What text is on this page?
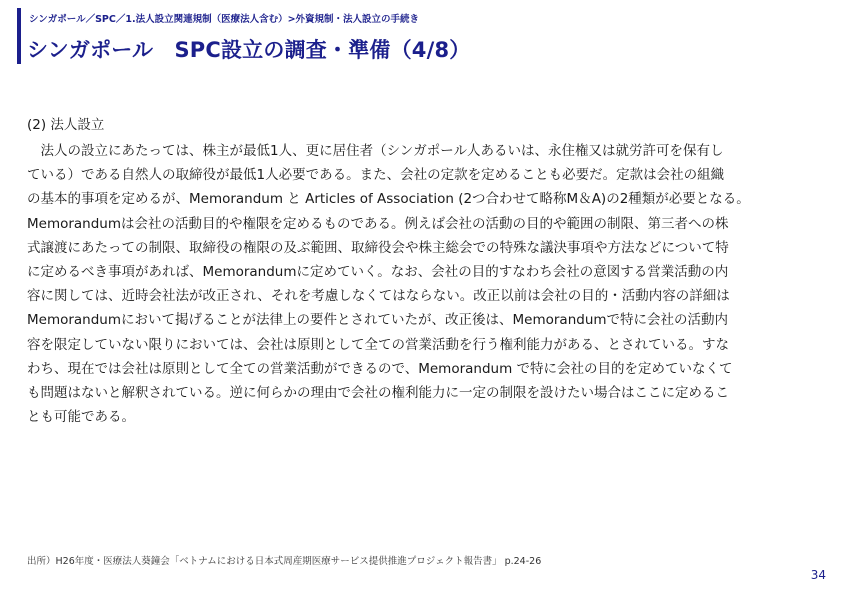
シンガポール／SPC／1.法人設立関連規制（医療法人含む）>外資規制・法人設立の手続き
シンガポール　SPC設立の調査・準備（4/8）
(2) 法人設立
　法人の設立にあたっては、株主が最低1人、更に居住者（シンガポール人あるいは、永住権又は就労許可を保有し
ている）である自然人の取締役が最低1人必要である。また、会社の定款を定めることも必要だ。定款は会社の組織
の基本的事項を定めるが、Memorandum と Articles of Association (2つ合わせて略称M＆A)の2種類が必要となる。
Memorandumは会社の活動目的や権限を定めるものである。例えば会社の活動の目的や範囲の制限、第三者への株
式譲渡にあたっての制限、取締役の権限の及ぶ範囲、取締役会や株主総会での特殊な議決事項や方法などについて特
に定めるべき事項があれば、Memorandumに定めていく。なお、会社の目的すなわち会社の意図する営業活動の内
容に関しては、近時会社法が改正され、それを考慮しなくてはならない。改正以前は会社の目的・活動内容の詳細は
Memorandumにおいて掲げることが法律上の要件とされていたが、改正後は、Memorandumで特に会社の活動内
容を限定していない限りにおいては、会社は原則として全ての営業活動を行う権利能力がある、とされている。すな
わち、現在では会社は原則として全ての営業活動ができるので、Memorandum で特に会社の目的を定めていなくて
も問題はないと解釈されている。逆に何らかの理由で会社の権利能力に一定の制限を設けたい場合はここに定めるこ
とも可能である。
出所）H26年度・医療法人葵鐘会「ベトナムにおける日本式周産期医療サービス提供推進プロジェクト報告書」 p.24-26
34
